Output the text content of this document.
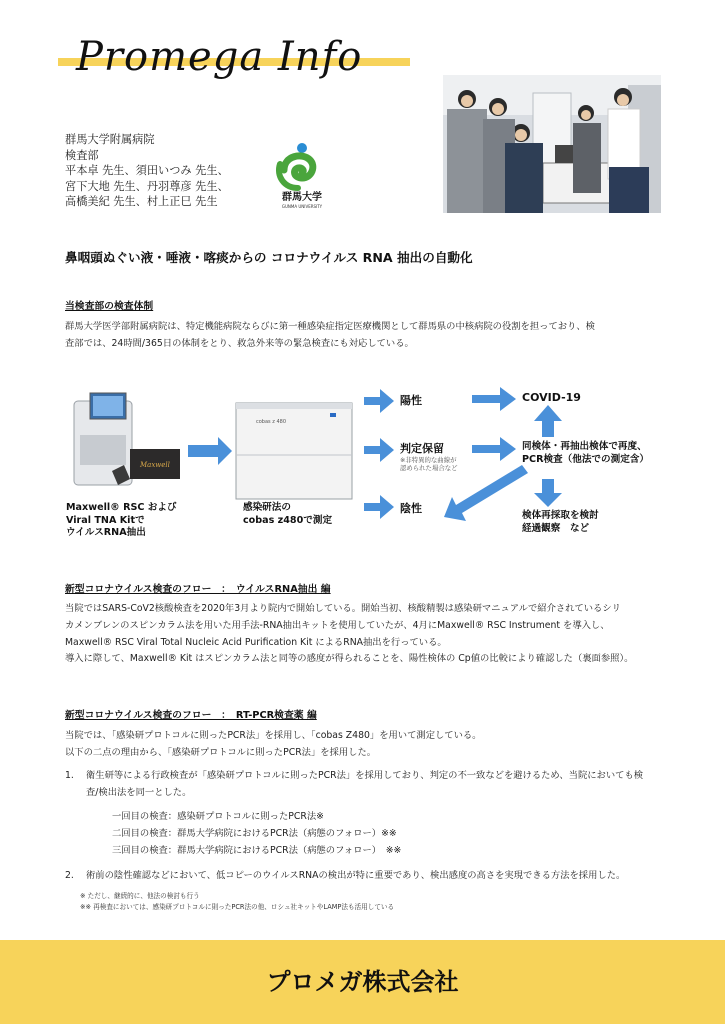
Promega Info
群馬大学附属病院
検査部
平本卓 先生、須田いつみ 先生、
宮下大地 先生、丹羽尊彦 先生、
高橋美紀 先生、村上正巳 先生	群馬大学
GUNMA UNIVERSITY
鼻咽頭ぬぐい液・唾液・喀痰からの コロナウイルス RNA 抽出の自動化
当検査部の検査体制
群馬大学医学部附属病院は、特定機能病院ならびに第一種感染症指定医療機関として群馬県の中核病院の役割を担っており、検
査部では、24時間/365日の体制をとり、救急外来等の緊急検査にも対応している。
Maxwell
cobas z 480
Maxwell® RSC および
Viral TNA Kitで
ウイルスRNA抽出
感染研法の
cobas z480で測定
陽性
判定保留
※非特異的な曲線が
認められた場合など
陰性
COVID-19
同検体・再抽出検体で再度、
PCR検査（他法での測定含）
検体再採取を検討
経過観察　など
新型コロナウイルス検査のフロー　：　ウイルスRNA抽出 編
当院ではSARS-CoV2核酸検査を2020年3月より院内で開始している。開始当初、核酸精製は感染研マニュアルで紹介されているシリ
カメンブレンのスピンカラム法を用いた用手法-RNA抽出キットを使用していたが、4月にMaxwell® RSC Instrument を導入し、
Maxwell® RSC Viral Total Nucleic Acid Purification Kit によるRNA抽出を行っている。
導入に際して、Maxwell® Kit はスピンカラム法と同等の感度が得られることを、陽性検体の Cp値の比較により確認した（裏面参照）。
新型コロナウイルス検査のフロー　：　RT-PCR検査薬 編
当院では、「感染研プロトコルに則ったPCR法」を採用し、「cobas Z480」を用いて測定している。
以下の二点の理由から、「感染研プロトコルに則ったPCR法」を採用した。
1. 衛生研等による行政検査が「感染研プロトコルに則ったPCR法」を採用しており、判定の不一致などを避けるため、当院においても検
査/検出法を同一とした。
一回目の検査：感染研プロトコルに則ったPCR法※
二回目の検査：群馬大学病院におけるPCR法（病態のフォロー）※※
三回目の検査：群馬大学病院におけるPCR法（病態のフォロー）　※※
2. 術前の陰性確認などにおいて、低コピーのウイルスRNAの検出が特に重要であり、検出感度の高さを実現できる方法を採用した。
※ ただし、継続的に、他法の検討も行う
※※ 再検査においては、感染研プロトコルに則ったPCR法の他、ロシュ社キットやLAMP法も活用している
プロメガ株式会社
